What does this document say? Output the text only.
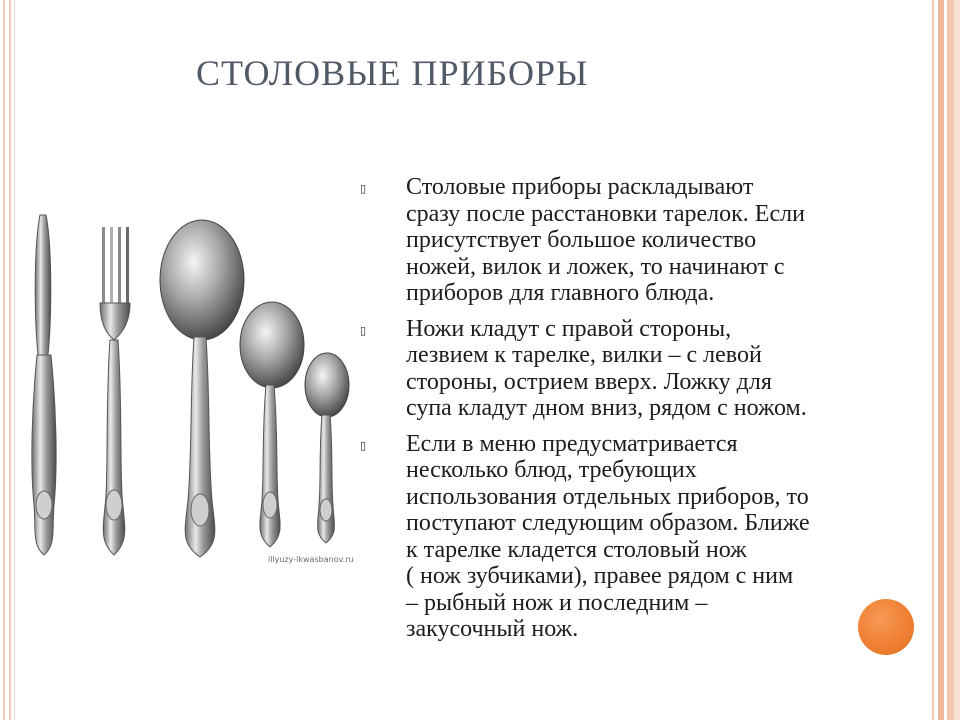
СТОЛОВЫЕ ПРИБОРЫ
illyuzy-lkwasbanov.ru
▯ Столовые приборы раскладывают
сразу после расстановки тарелок. Если
присутствует большое количество
ножей, вилок и ложек, то начинают с
приборов для главного блюда.
▯ Ножи кладут с правой стороны,
лезвием к тарелке, вилки – с левой
стороны, острием вверх. Ложку для
супа кладут дном вниз, рядом с ножом.
▯ Если в меню предусматривается
несколько блюд, требующих
использования отдельных приборов, то
поступают следующим образом. Ближе
к тарелке кладется столовый нож
( нож зубчиками), правее рядом с ним
– рыбный нож и последним –
закусочный нож.
